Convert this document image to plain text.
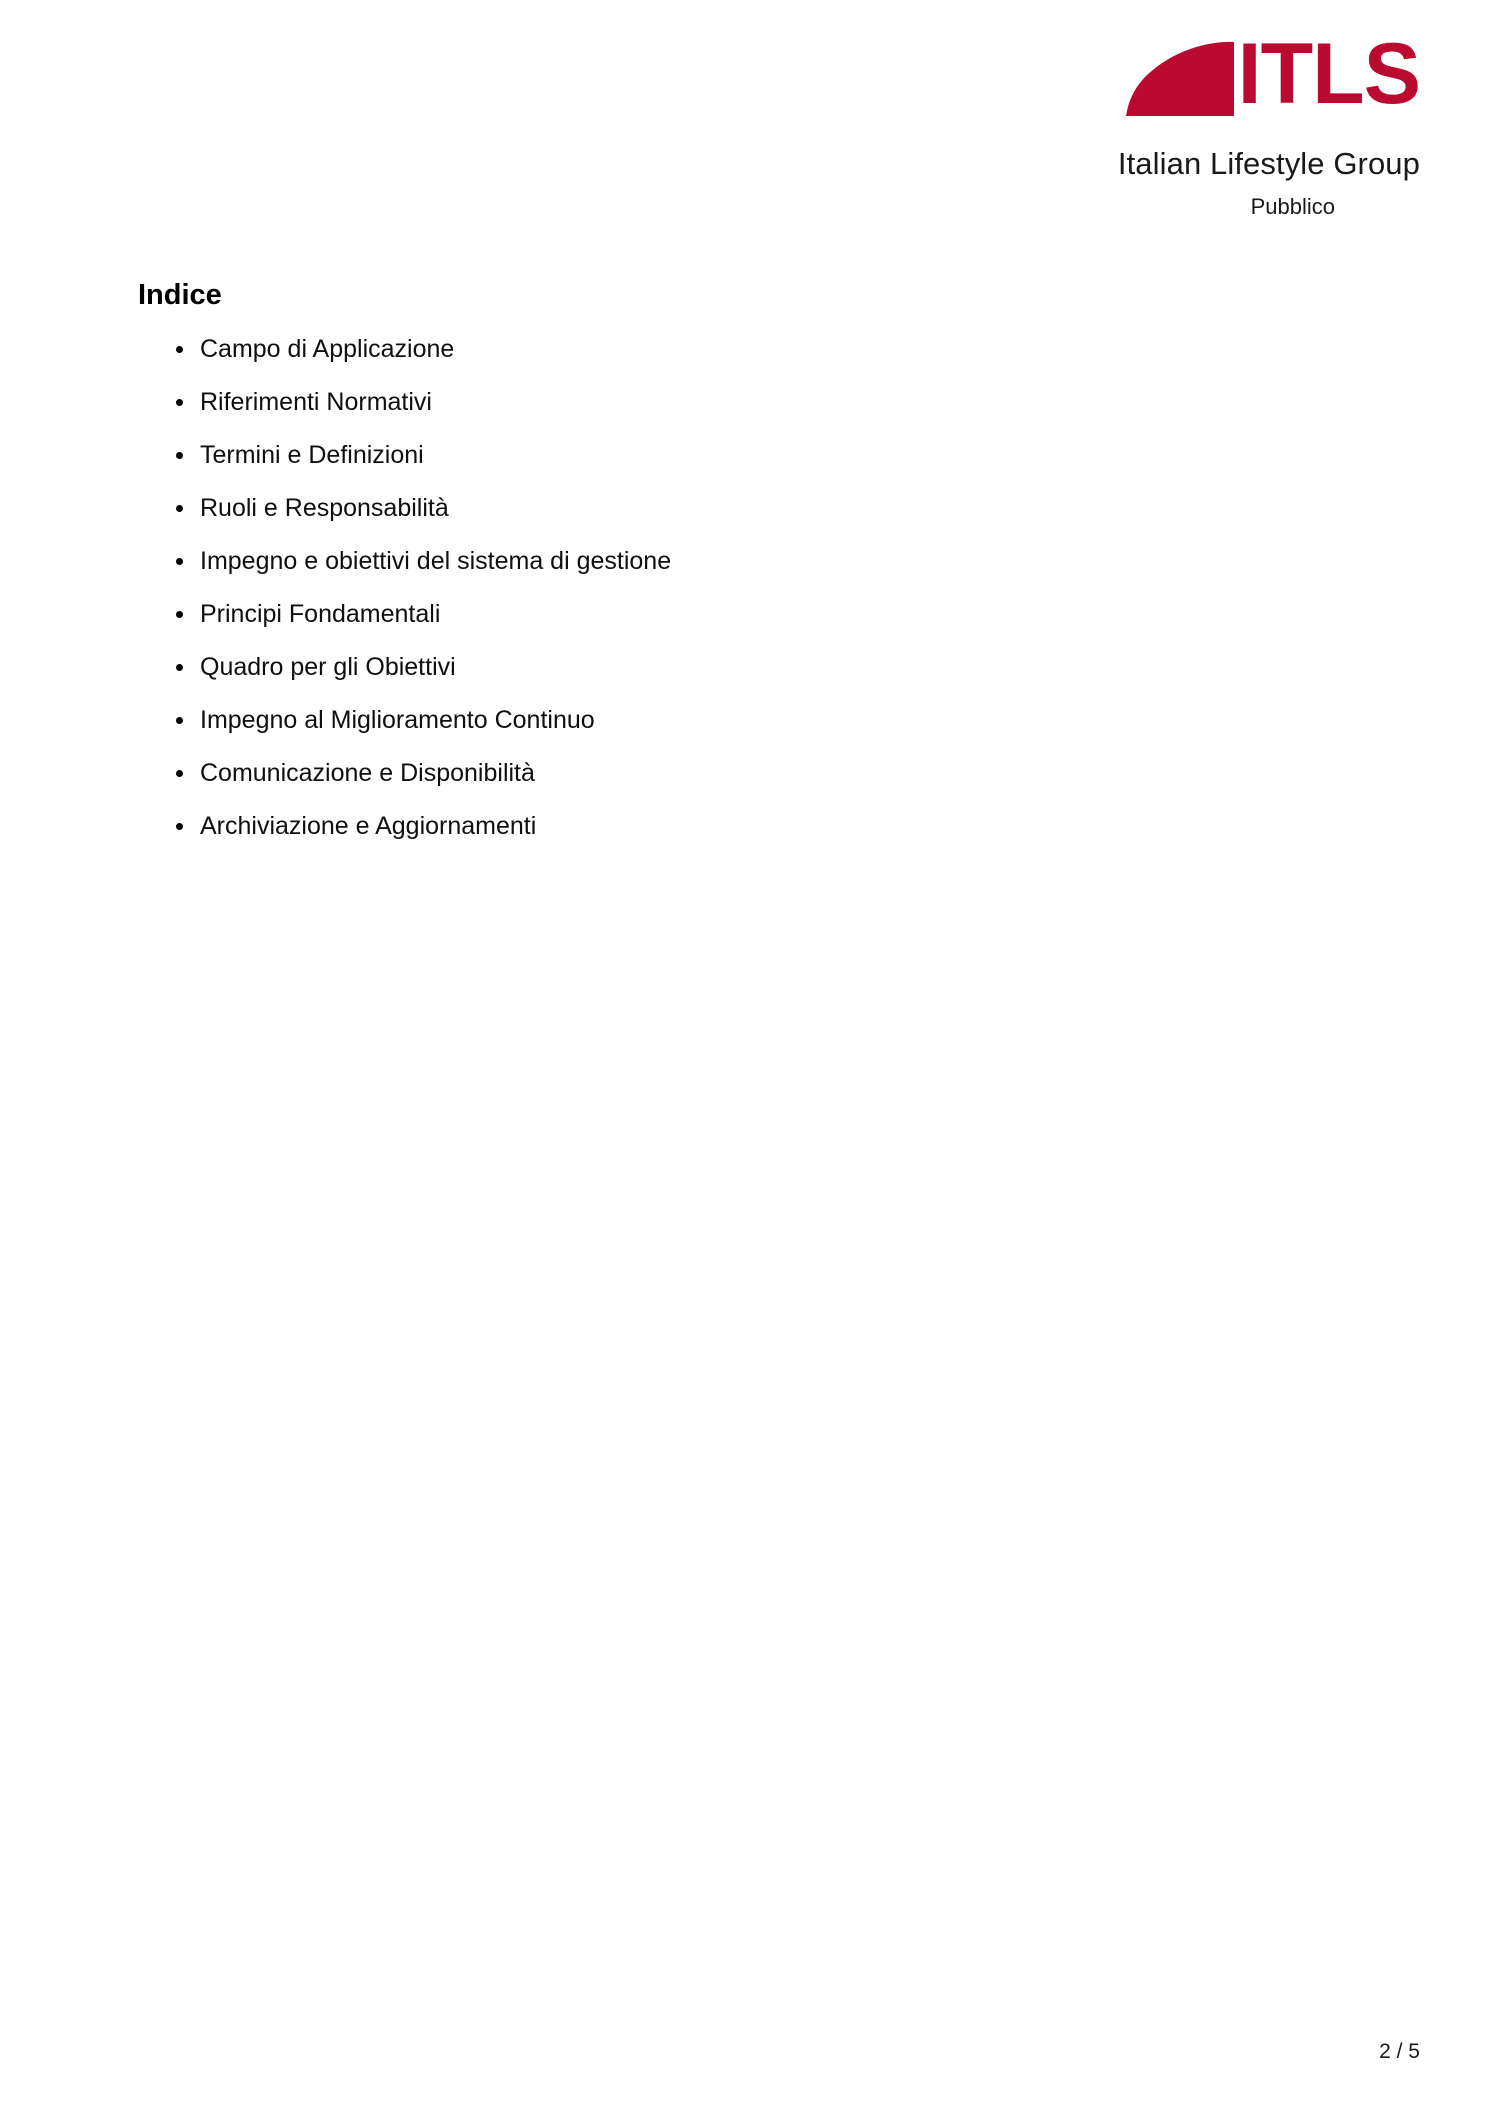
ITLS
Italian Lifestyle Group
Pubblico
Indice
Campo di Applicazione
Riferimenti Normativi
Termini e Definizioni
Ruoli e Responsabilità
Impegno e obiettivi del sistema di gestione
Principi Fondamentali
Quadro per gli Obiettivi
Impegno al Miglioramento Continuo
Comunicazione e Disponibilità
Archiviazione e Aggiornamenti
2 / 5
